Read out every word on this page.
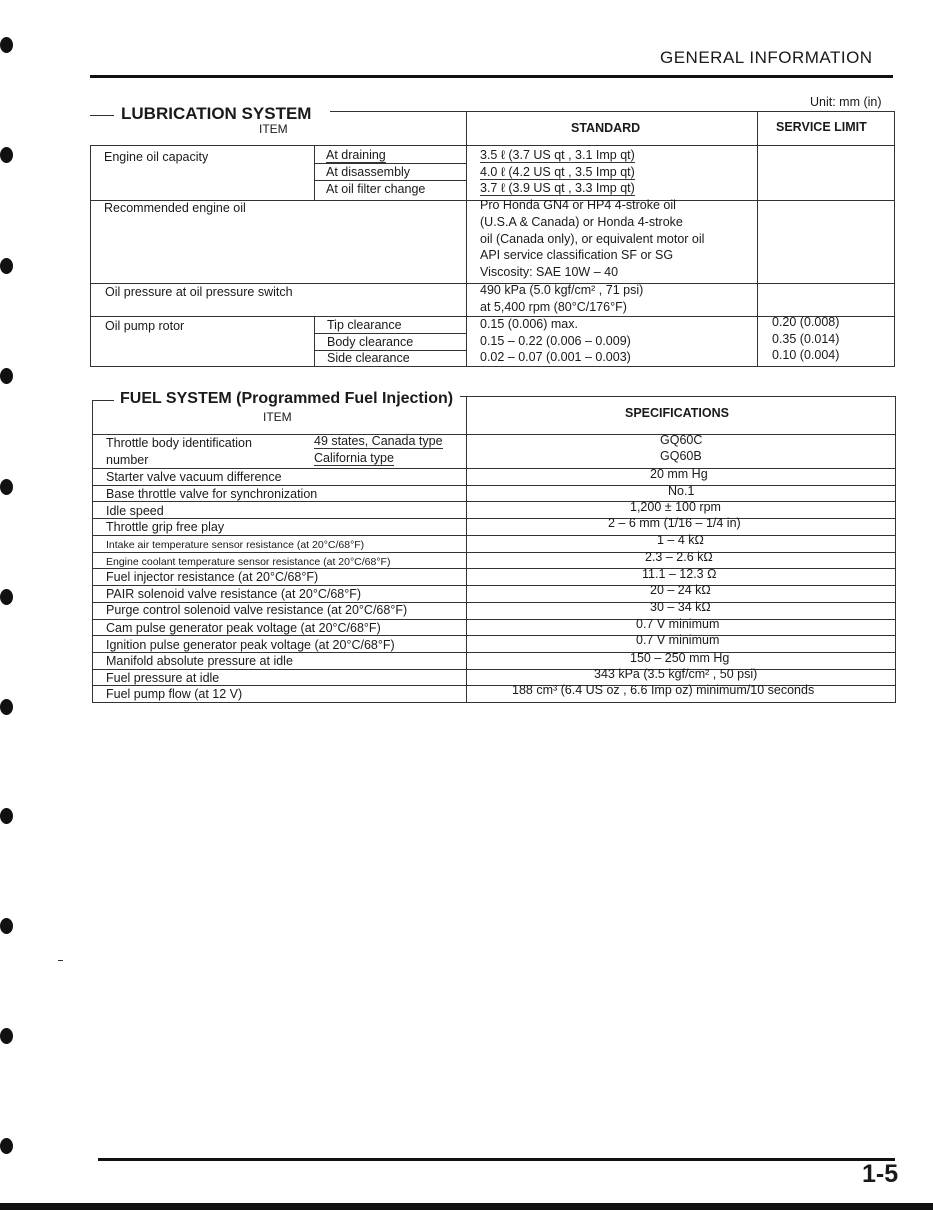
GENERAL INFORMATION
LUBRICATION SYSTEM
Unit: mm (in)
ITEM	STANDARD	SERVICE LIMIT
Engine oil capacity	At draining	3.5 ℓ (3.7 US qt , 3.1 Imp qt)
At disassembly	4.0 ℓ (4.2 US qt , 3.5 Imp qt)
At oil filter change	3.7 ℓ (3.9 US qt , 3.3 Imp qt)
Recommended engine oil	Pro Honda GN4 or HP4 4-stroke oil
(U.S.A & Canada) or Honda 4-stroke
oil (Canada only), or equivalent motor oil
API service classification SF or SG
Viscosity: SAE 10W – 40
Oil pressure at oil pressure switch	490 kPa (5.0 kgf/cm² , 71 psi)
at 5,400 rpm (80°C/176°F)
Oil pump rotor	Tip clearance	0.15 (0.006) max.	0.20 (0.008)
Body clearance	0.15 – 0.22 (0.006 – 0.009)	0.35 (0.014)
Side clearance	0.02 – 0.07 (0.001 – 0.003)	0.10 (0.004)
FUEL SYSTEM (Programmed Fuel Injection)
ITEM	SPECIFICATIONS
Throttle body identification
number
49 states, Canada type	GQ60C
California type	GQ60B
Starter valve vacuum difference	20 mm Hg
Base throttle valve for synchronization	No.1
Idle speed	1,200 ± 100 rpm
Throttle grip free play	2 – 6 mm (1/16 – 1/4 in)
Intake air temperature sensor resistance (at 20°C/68°F)	1 – 4 kΩ
Engine coolant temperature sensor resistance (at 20°C/68°F)	2.3 – 2.6 kΩ
Fuel injector resistance (at 20°C/68°F)	11.1 – 12.3 Ω
PAIR solenoid valve resistance (at 20°C/68°F)	20 – 24 kΩ
Purge control solenoid valve resistance (at 20°C/68°F)	30 – 34 kΩ
Cam pulse generator peak voltage (at 20°C/68°F)	0.7 V minimum
Ignition pulse generator peak voltage (at 20°C/68°F)	0.7 V minimum
Manifold absolute pressure at idle	150 – 250 mm Hg
Fuel pressure at idle	343 kPa (3.5 kgf/cm² , 50 psi)
Fuel pump flow (at 12 V)	188 cm³ (6.4 US oz , 6.6 Imp oz) minimum/10 seconds
1-5
